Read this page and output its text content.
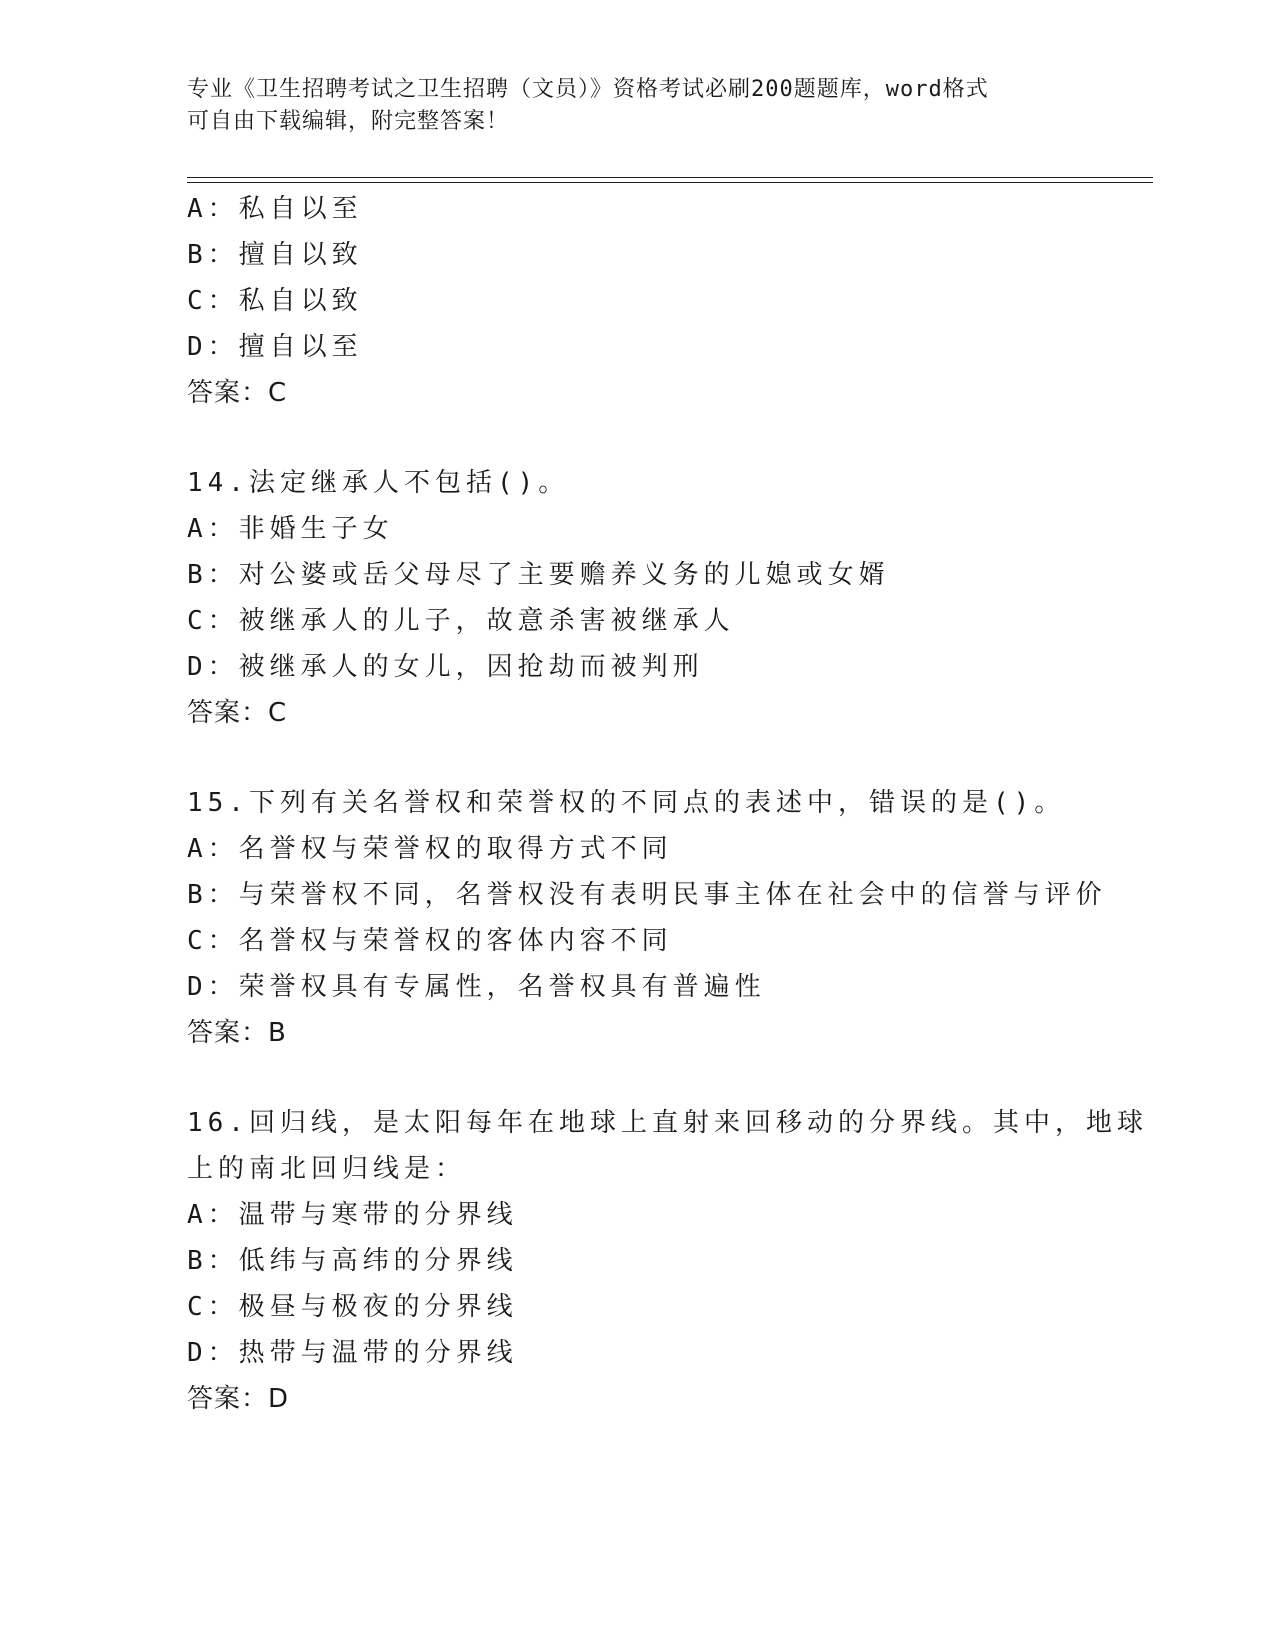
专业《卫生招聘考试之卫生招聘（文员）》资格考试必刷200题题库，word格式
可自由下载编辑，附完整答案！
A：私自以至
B：擅自以致
C：私自以致
D：擅自以至
答案：C
14.法定继承人不包括()。
A：非婚生子女
B：对公婆或岳父母尽了主要赡养义务的儿媳或女婿
C：被继承人的儿子，故意杀害被继承人
D：被继承人的女儿，因抢劫而被判刑
答案：C
15.下列有关名誉权和荣誉权的不同点的表述中，错误的是()。
A：名誉权与荣誉权的取得方式不同
B：与荣誉权不同，名誉权没有表明民事主体在社会中的信誉与评价
C：名誉权与荣誉权的客体内容不同
D：荣誉权具有专属性，名誉权具有普遍性
答案：B
16.回归线，是太阳每年在地球上直射来回移动的分界线。其中，地球
上的南北回归线是：
A：温带与寒带的分界线
B：低纬与高纬的分界线
C：极昼与极夜的分界线
D：热带与温带的分界线
答案：D
